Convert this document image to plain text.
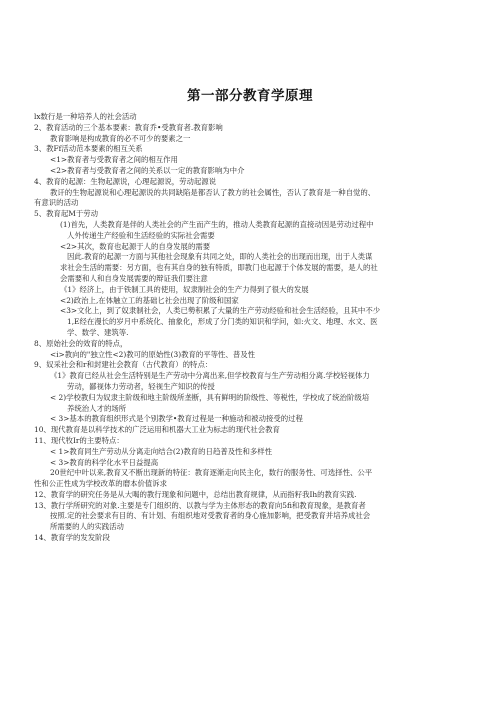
第一部分教育学原理
lx数行是一种培养人的社会活动
2、教育活动的三个基本要素：教育乔•受教育者.教育影响
教育影响是构成教育的必不可少的要素之一
3、教Ff活动范本要素的相互关系
<1>教育者与受教育者之间的相互作用
<2>教育者与受教育者之间的关系以一定的教育影响为中介
4、教育的起源：生物起源说，心理起源说，劳动起源说
教讦的生物起源说和心理起源说的共同缺陷是都否认了教方的社会属性，否认了教育是一种自觉的、
有意识的活动
5、教育起M于劳动
(1)首先，人类教育是伴的人类社会的产生而产生的，推动人类教育起源的直接动因是劳动过程中
人外传递生产经验和生活经验的实际社会需要
<2>其次，数育也起源于人的自身发展的需要
因此.教育的起源一方面与其他社会现象有共同之处，即的人类社会的出现而出现，出于人类谋
求社会生活的需要：另方面，也有其自身的独有特质，即教门也起源于个体发展的需要，是人的社
会需要和人和自身发展需要的辩证我们要注意
《1》经济上，由于铁制工具的使用，奴隶制社会的生产力得到了很大的发展
<2)政治上,在体触立工的基础匕社会出现了阶级和国家
<3>文化上，到了奴隶制社会，人类已勢积累了大量的生产劳动经验和社会生活经验，且其中不少
1,E经在漫长的岁月中系统化、抽象化，形成了分门类的知识和学问，如:火文、地理、水文、医
学、数学、建筑等.
8、原始社会的效育的特点，
<i>教向的"独立性<2)教可的原始性(3)教育的平等性、普及性
9、奴采社会和r和封建社会教育（古代教育）的特点：
《1》教育已经从社会生活特别是生产劳动中分离出来,但学校教育与生产劳动相分离.学校轻视体力
劳动，鄙视体力劳动者，轻视生产知识的传授
< 2)学校教归为奴隶主阶级和地主阶级所垄断，具有鲜明的阶级性、等税性，学校成了统治阶级培
养统治人才的场所
< 3>基本的教育组织形式是个别教学•教育过程是一种施动和被动接受的过程
10、现代教育是以科学技术的广泛运用和机器大工业为标志的现代社会教育
11、现代牧Ir的主要特点：
< 1>教育同生产劳动从分离走向结合(2)教育的日趋普及性和多样性
< 3>教育的科学化水平日益提高
20世纪中叶以来,教育又不断出现新的特征：教育逐渐走向民主化，数行的服务性、可选择性、公平
性和公正性成为学校改革的磨本价值诉求
12、教育学的研究任务是从大喝的教行现象和问题中，总结出教育规律，从而指籽我Ih的教育实践.
13、教行学所研究的对象.主要是专门组织的、以教与学为主体形态的教育向5fi和教育现象，是教育者
按照.定的社会要求有目的、有计划、有组织地对受教育者的身心施加影响，把受教育并培养成社会
所需要的人的实践活动
14、教育学的发发阶段
